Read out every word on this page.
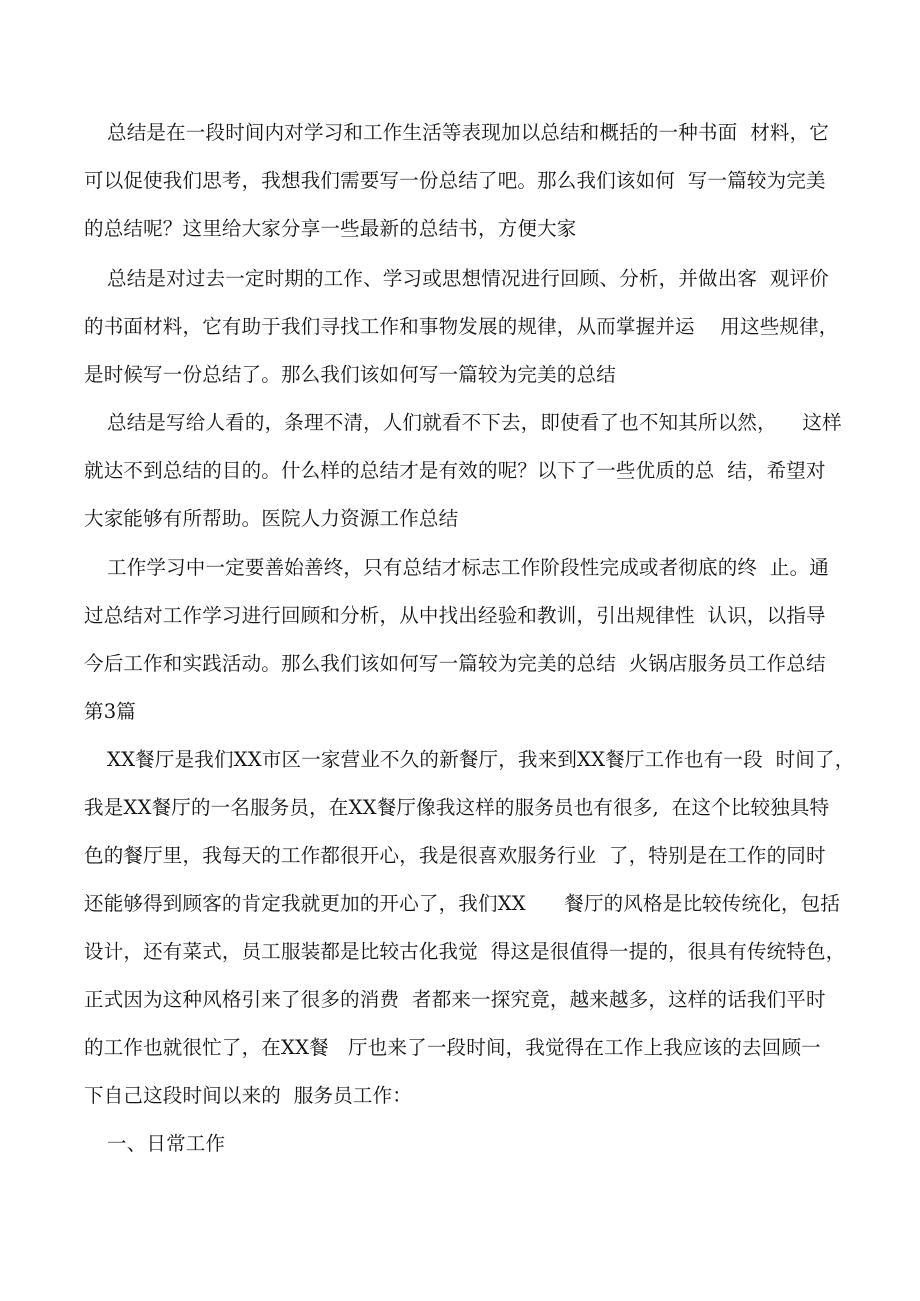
总结是在一段时间内对学习和工作生活等表现加以总结和概括的一种书面  材料，它
可以促使我们思考，我想我们需要写一份总结了吧。那么我们该如何  写一篇较为完美
的总结呢？这里给大家分享一些最新的总结书，方便大家
总结是对过去一定时期的工作、学习或思想情况进行回顾、分析，并做出客  观评价
的书面材料，它有助于我们寻找工作和事物发展的规律，从而掌握并运    用这些规律，
是时候写一份总结了。那么我们该如何写一篇较为完美的总结
总结是写给人看的，条理不清，人们就看不下去，即使看了也不知其所以然，    这样
就达不到总结的目的。什么样的总结才是有效的呢？以下了一些优质的总  结，希望对
大家能够有所帮助。医院人力资源工作总结
工作学习中一定要善始善终，只有总结才标志工作阶段性完成或者彻底的终  止。通
过总结对工作学习进行回顾和分析，从中找出经验和教训，引出规律性  认识，以指导
今后工作和实践活动。那么我们该如何写一篇较为完美的总结  火锅店服务员工作总结
第3篇
XX餐厅是我们XX市区一家营业不久的新餐厅，我来到XX餐厅工作也有一段  时间了，
我是XX餐厅的一名服务员，在XX餐厅像我这样的服务员也有很多,  在这个比较独具特
色的餐厅里，我每天的工作都很开心，我是很喜欢服务行业  了，特别是在工作的同时
还能够得到顾客的肯定我就更加的开心了，我们XX      餐厅的风格是比较传统化，包括
设计，还有菜式，员工服装都是比较古化我觉  得这是很值得一提的，很具有传统特色，
正式因为这种风格引来了很多的消费  者都来一探究竟，越来越多，这样的话我们平时
的工作也就很忙了，在XX餐   厅也来了一段时间，我觉得在工作上我应该的去回顾一
下自己这段时间以来的  服务员工作：
一、日常工作
